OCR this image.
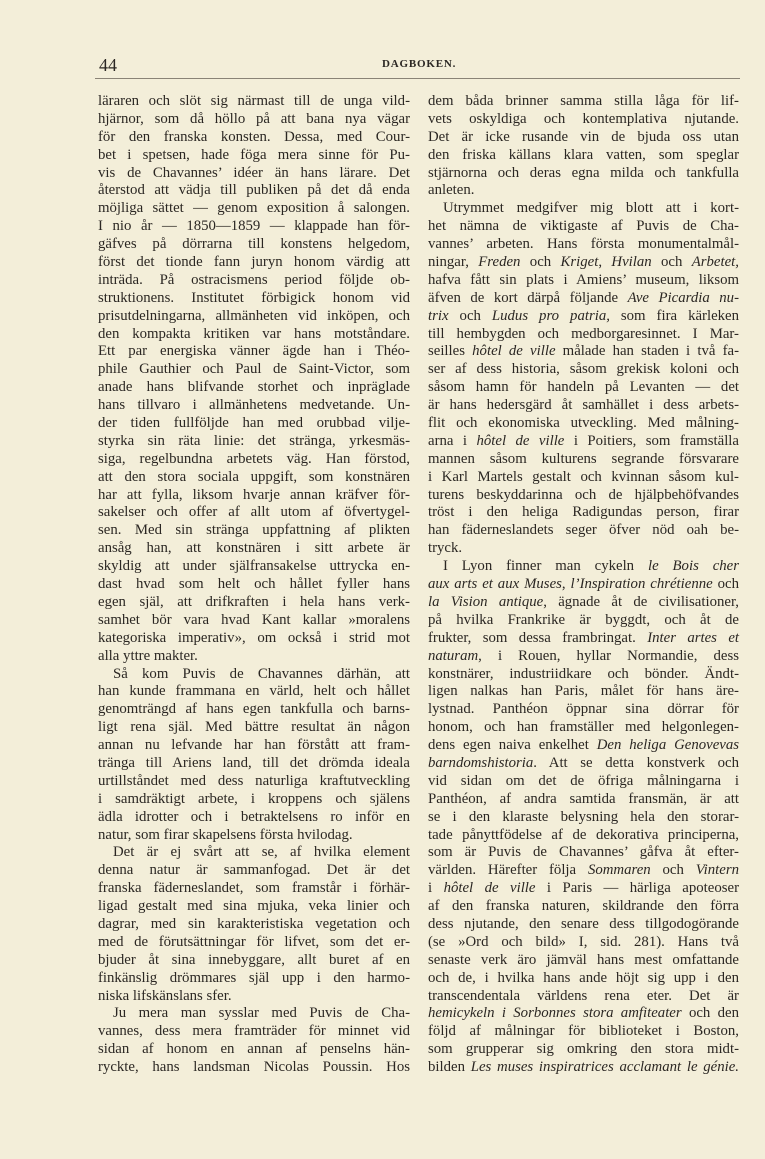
44	DAGBOKEN.
läraren och slöt sig närmast till de unga vild-
hjärnor, som då höllo på att bana nya vägar
för den franska konsten. Dessa, med Cour-
bet i spetsen, hade föga mera sinne för Pu-
vis de Chavannes’ idéer än hans lärare. Det
återstod att vädja till publiken på det då enda
möjliga sättet — genom exposition å salongen.
I nio år — 1850—1859 — klappade han för-
gäfves på dörrarna till konstens helgedom,
först det tionde fann juryn honom värdig att
inträda. På ostracismens period följde ob-
struktionens. Institutet förbigick honom vid
prisutdelningarna, allmänheten vid inköpen, och
den kompakta kritiken var hans motståndare.
Ett par energiska vänner ägde han i Théo-
phile Gauthier och Paul de Saint-Victor, som
anade hans blifvande storhet och inpräglade
hans tillvaro i allmänhetens medvetande. Un-
der tiden fullföljde han med orubbad vilje-
styrka sin räta linie: det stränga, yrkesmäs-
siga, regelbundna arbetets väg. Han förstod,
att den stora sociala uppgift, som konstnären
har att fylla, liksom hvarje annan kräfver för-
sakelser och offer af allt utom af öfvertygel-
sen. Med sin stränga uppfattning af plikten
ansåg han, att konstnären i sitt arbete är
skyldig att under själfransakelse uttrycka en-
dast hvad som helt och hållet fyller hans
egen själ, att drifkraften i hela hans verk-
samhet bör vara hvad Kant kallar »moralens
kategoriska imperativ», om också i strid mot
alla yttre makter.
Så kom Puvis de Chavannes därhän, att
han kunde frammana en värld, helt och hållet
genomträngd af hans egen tankfulla och barns-
ligt rena själ. Med bättre resultat än någon
annan nu lefvande har han förstått att fram-
tränga till Ariens land, till det drömda ideala
urtillståndet med dess naturliga kraftutveckling
i samdräktigt arbete, i kroppens och själens
ädla idrotter och i betraktelsens ro inför en
natur, som firar skapelsens första hvilodag.
Det är ej svårt att se, af hvilka element
denna natur är sammanfogad. Det är det
franska fäderneslandet, som framstår i förhär-
ligad gestalt med sina mjuka, veka linier och
dagrar, med sin karakteristiska vegetation och
med de förutsättningar för lifvet, som det er-
bjuder åt sina innebyggare, allt buret af en
finkänslig drömmares själ upp i den harmo-
niska lifskänslans sfer.
Ju mera man sysslar med Puvis de Cha-
vannes, dess mera framträder för minnet vid
sidan af honom en annan af penselns hän-
ryckte, hans landsman Nicolas Poussin. Hos
dem båda brinner samma stilla låga för lif-
vets oskyldiga och kontemplativa njutande.
Det är icke rusande vin de bjuda oss utan
den friska källans klara vatten, som speglar
stjärnorna och deras egna milda och tankfulla
anleten.
Utrymmet medgifver mig blott att i kort-
het nämna de viktigaste af Puvis de Cha-
vannes’ arbeten. Hans första monumentalmål-
ningar, Freden och Kriget, Hvilan och Arbetet,
hafva fått sin plats i Amiens’ museum, liksom
äfven de kort därpå följande Ave Picardia nu-
trix och Ludus pro patria, som fira kärleken
till hembygden och medborgaresinnet. I Mar-
seilles hôtel de ville målade han staden i två fa-
ser af dess historia, såsom grekisk koloni och
såsom hamn för handeln på Levanten — det
är hans hedersgärd åt samhället i dess arbets-
flit och ekonomiska utveckling. Med målning-
arna i hôtel de ville i Poitiers, som framställa
mannen såsom kulturens segrande försvarare
i Karl Martels gestalt och kvinnan såsom kul-
turens beskyddarinna och de hjälpbehöfvandes
tröst i den heliga Radigundas person, firar
han fäderneslandets seger öfver nöd oah be-
tryck.
I Lyon finner man cykeln le Bois cher
aux arts et aux Muses, l’Inspiration chrétienne och
la Vision antique, ägnade åt de civilisationer,
på hvilka Frankrike är byggdt, och åt de
frukter, som dessa frambringat. Inter artes et
naturam, i Rouen, hyllar Normandie, dess
konstnärer, industriidkare och bönder. Ändt-
ligen nalkas han Paris, målet för hans äre-
lystnad. Panthéon öppnar sina dörrar för
honom, och han framställer med helgonlegen-
dens egen naiva enkelhet Den heliga Genovevas
barndomshistoria. Att se detta konstverk och
vid sidan om det de öfriga målningarna i
Panthéon, af andra samtida fransmän, är att
se i den klaraste belysning hela den storar-
tade pånyttfödelse af de dekorativa principerna,
som är Puvis de Chavannes’ gåfva åt efter-
världen. Härefter följa Sommaren och Vintern
i hôtel de ville i Paris — härliga apoteoser
af den franska naturen, skildrande den förra
dess njutande, den senare dess tillgodogörande
(se »Ord och bild» I, sid. 281). Hans två
senaste verk äro jämväl hans mest omfattande
och de, i hvilka hans ande höjt sig upp i den
transcendentala världens rena eter. Det är
hemicykeln i Sorbonnes stora amfiteater och den
följd af målningar för biblioteket i Boston,
som grupperar sig omkring den stora midt-
bilden Les muses inspiratrices acclamant le génie.
